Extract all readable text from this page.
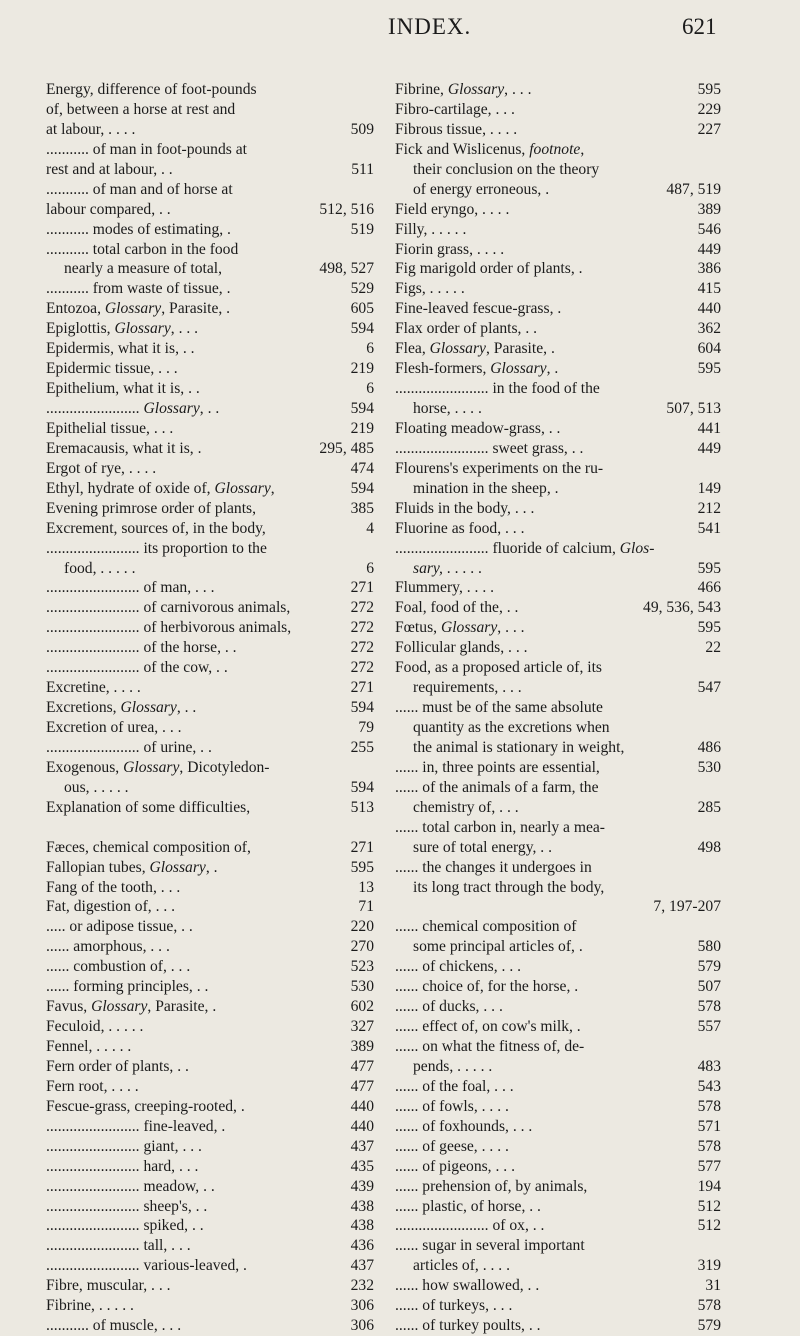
INDEX.	621
Energy, difference of foot-pounds
of, between a horse at rest and
at labour, . . . .	509
........... of man in foot-pounds at
rest and at labour, . .	511
........... of man and of horse at
labour compared, . .	512, 516
........... modes of estimating, .	519
........... total carbon in the food
nearly a measure of total,	498, 527
........... from waste of tissue, .	529
Entozoa, Glossary, Parasite, .	605
Epiglottis, Glossary, . . .	594
Epidermis, what it is, . .	6
Epidermic tissue, . . .	219
Epithelium, what it is, . .	6
........................ Glossary, . .	594
Epithelial tissue, . . .	219
Eremacausis, what it is, .	295, 485
Ergot of rye, . . . .	474
Ethyl, hydrate of oxide of, Glossary,	594
Evening primrose order of plants,	385
Excrement, sources of, in the body,	4
........................ its proportion to the
food, . . . . .	6
........................ of man, . . .	271
........................ of carnivorous animals,	272
........................ of herbivorous animals,	272
........................ of the horse, . .	272
........................ of the cow, . .	272
Excretine, . . . .	271
Excretions, Glossary, . .	594
Excretion of urea, . . .	79
........................ of urine, . .	255
Exogenous, Glossary, Dicotyledon-
ous, . . . . .	594
Explanation of some difficulties,	513
Fæces, chemical composition of,	271
Fallopian tubes, Glossary, .	595
Fang of the tooth, . . .	13
Fat, digestion of, . . .	71
..... or adipose tissue, . .	220
...... amorphous, . . .	270
...... combustion of, . . .	523
...... forming principles, . .	530
Favus, Glossary, Parasite, .	602
Feculoid, . . . . .	327
Fennel, . . . . .	389
Fern order of plants, . .	477
Fern root, . . . .	477
Fescue-grass, creeping-rooted, .	440
........................ fine-leaved, .	440
........................ giant, . . .	437
........................ hard, . . .	435
........................ meadow, . .	439
........................ sheep's, . .	438
........................ spiked, . .	438
........................ tall, . . .	436
........................ various-leaved, .	437
Fibre, muscular, . . .	232
Fibrine, . . . . .	306
........... of muscle, . . .	306
Fibrine, Glossary, . . .	595
Fibro-cartilage, . . .	229
Fibrous tissue, . . . .	227
Fick and Wislicenus, footnote,
their conclusion on the theory
of energy erroneous, .	487, 519
Field eryngo, . . . .	389
Filly, . . . . .	546
Fiorin grass, . . . .	449
Fig marigold order of plants, .	386
Figs, . . . . .	415
Fine-leaved fescue-grass, .	440
Flax order of plants, . .	362
Flea, Glossary, Parasite, .	604
Flesh-formers, Glossary, .	595
........................ in the food of the
horse, . . . .	507, 513
Floating meadow-grass, . .	441
........................ sweet grass, . .	449
Flourens's experiments on the ru-
mination in the sheep, .	149
Fluids in the body, . . .	212
Fluorine as food, . . .	541
........................ fluoride of calcium, Glos-
sary, . . . . .	595
Flummery, . . . .	466
Foal, food of the, . .	49, 536, 543
Fœtus, Glossary, . . .	595
Follicular glands, . . .	22
Food, as a proposed article of, its
requirements, . . .	547
...... must be of the same absolute
quantity as the excretions when
the animal is stationary in weight,	486
...... in, three points are essential,	530
...... of the animals of a farm, the
chemistry of, . . .	285
...... total carbon in, nearly a mea-
sure of total energy, . .	498
...... the changes it undergoes in
its long tract through the body,
7, 197-207
...... chemical composition of
some principal articles of, .	580
...... of chickens, . . .	579
...... choice of, for the horse, .	507
...... of ducks, . . .	578
...... effect of, on cow's milk, .	557
...... on what the fitness of, de-
pends, . . . . .	483
...... of the foal, . . .	543
...... of fowls, . . . .	578
...... of foxhounds, . . .	571
...... of geese, . . . .	578
...... of pigeons, . . .	577
...... prehension of, by animals,	194
...... plastic, of horse, . .	512
........................ of ox, . .	512
...... sugar in several important
articles of, . . . .	319
...... how swallowed, . .	31
...... of turkeys, . . .	578
...... of turkey poults, . .	579
